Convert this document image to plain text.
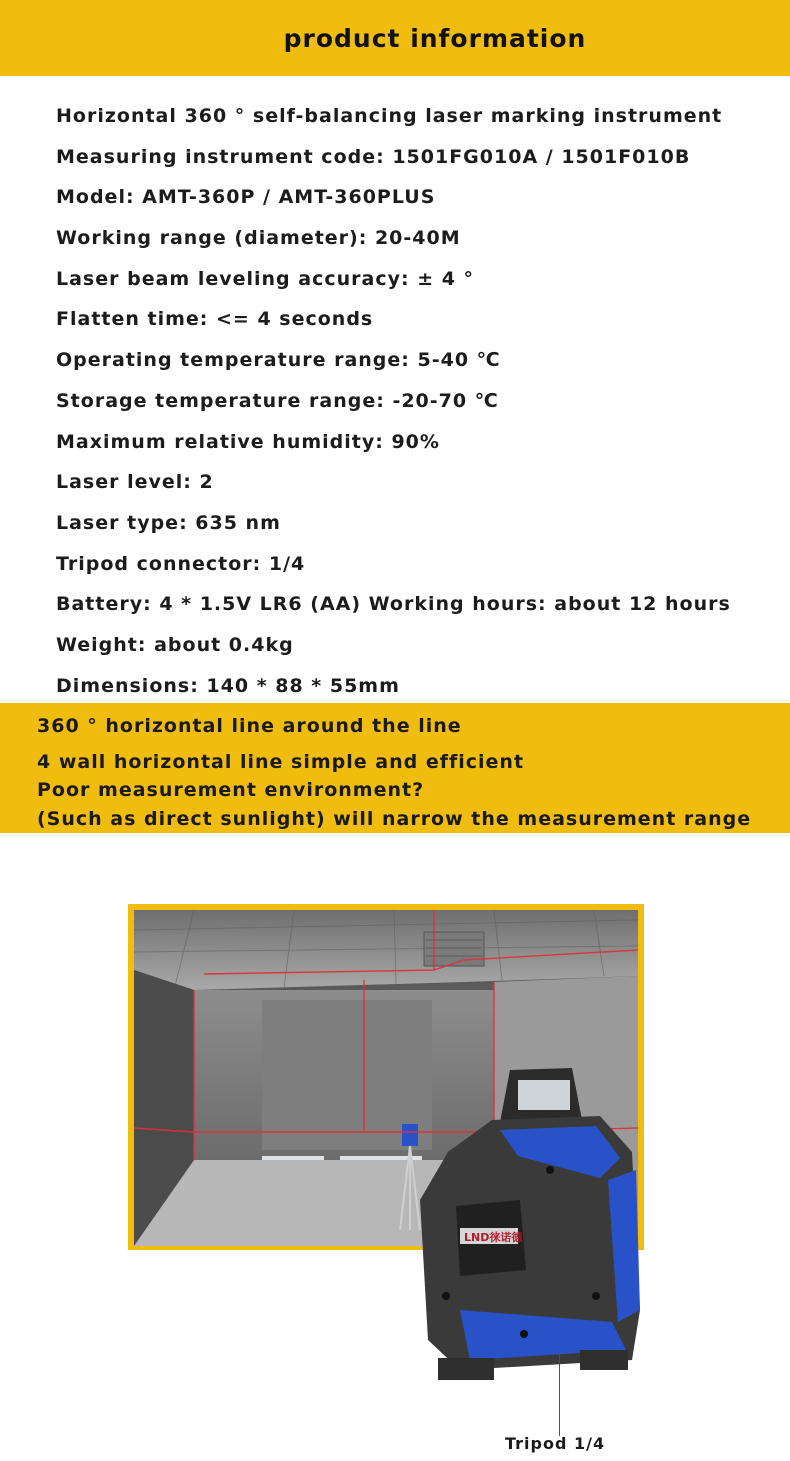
product information
Horizontal 360 ° self-balancing laser marking instrument
Measuring instrument code: 1501FG010A / 1501F010B
Model: AMT-360P / AMT-360PLUS
Working range (diameter): 20-40M
Laser beam leveling accuracy: ± 4 °
Flatten time: <= 4 seconds
Operating temperature range: 5-40 ℃
Storage temperature range: -20-70 ℃
Maximum relative humidity: 90%
Laser level: 2
Laser type: 635 nm
Tripod connector: 1/4
Battery: 4 * 1.5V LR6 (AA) Working hours: about 12 hours
Weight: about 0.4kg
Dimensions: 140 * 88 * 55mm
360 ° horizontal line around the line
4 wall horizontal line simple and efficient
Poor measurement environment?
(Such as direct sunlight) will narrow the measurement range
LND徕诺德
Tripod 1/4
